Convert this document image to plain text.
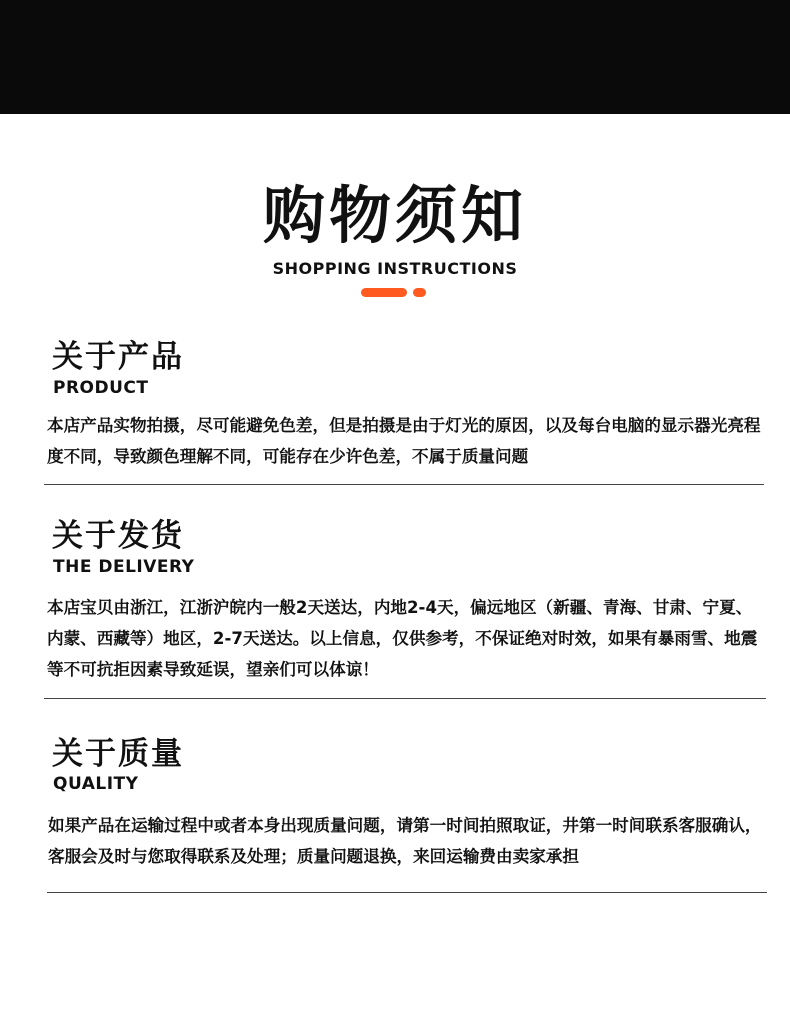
购物须知
SHOPPING INSTRUCTIONS
关于产品
PRODUCT
本店产品实物拍摄，尽可能避免色差，但是拍摄是由于灯光的原因，以及每台电脑的显示器光亮程度不同，导致颜色理解不同，可能存在少许色差，不属于质量问题
关于发货
THE DELIVERY
本店宝贝由浙江，江浙沪皖内一般2天送达，内地2-4天，偏远地区（新疆、青海、甘肃、宁夏、内蒙、西藏等）地区，2-7天送达。以上信息，仅供参考，不保证绝对时效，如果有暴雨雪、地震等不可抗拒因素导致延误，望亲们可以体谅！
关于质量
QUALITY
如果产品在运输过程中或者本身出现质量问题，请第一时间拍照取证，井第一时间联系客服确认，客服会及时与您取得联系及处理；质量问题退换，来回运输费由卖家承担
